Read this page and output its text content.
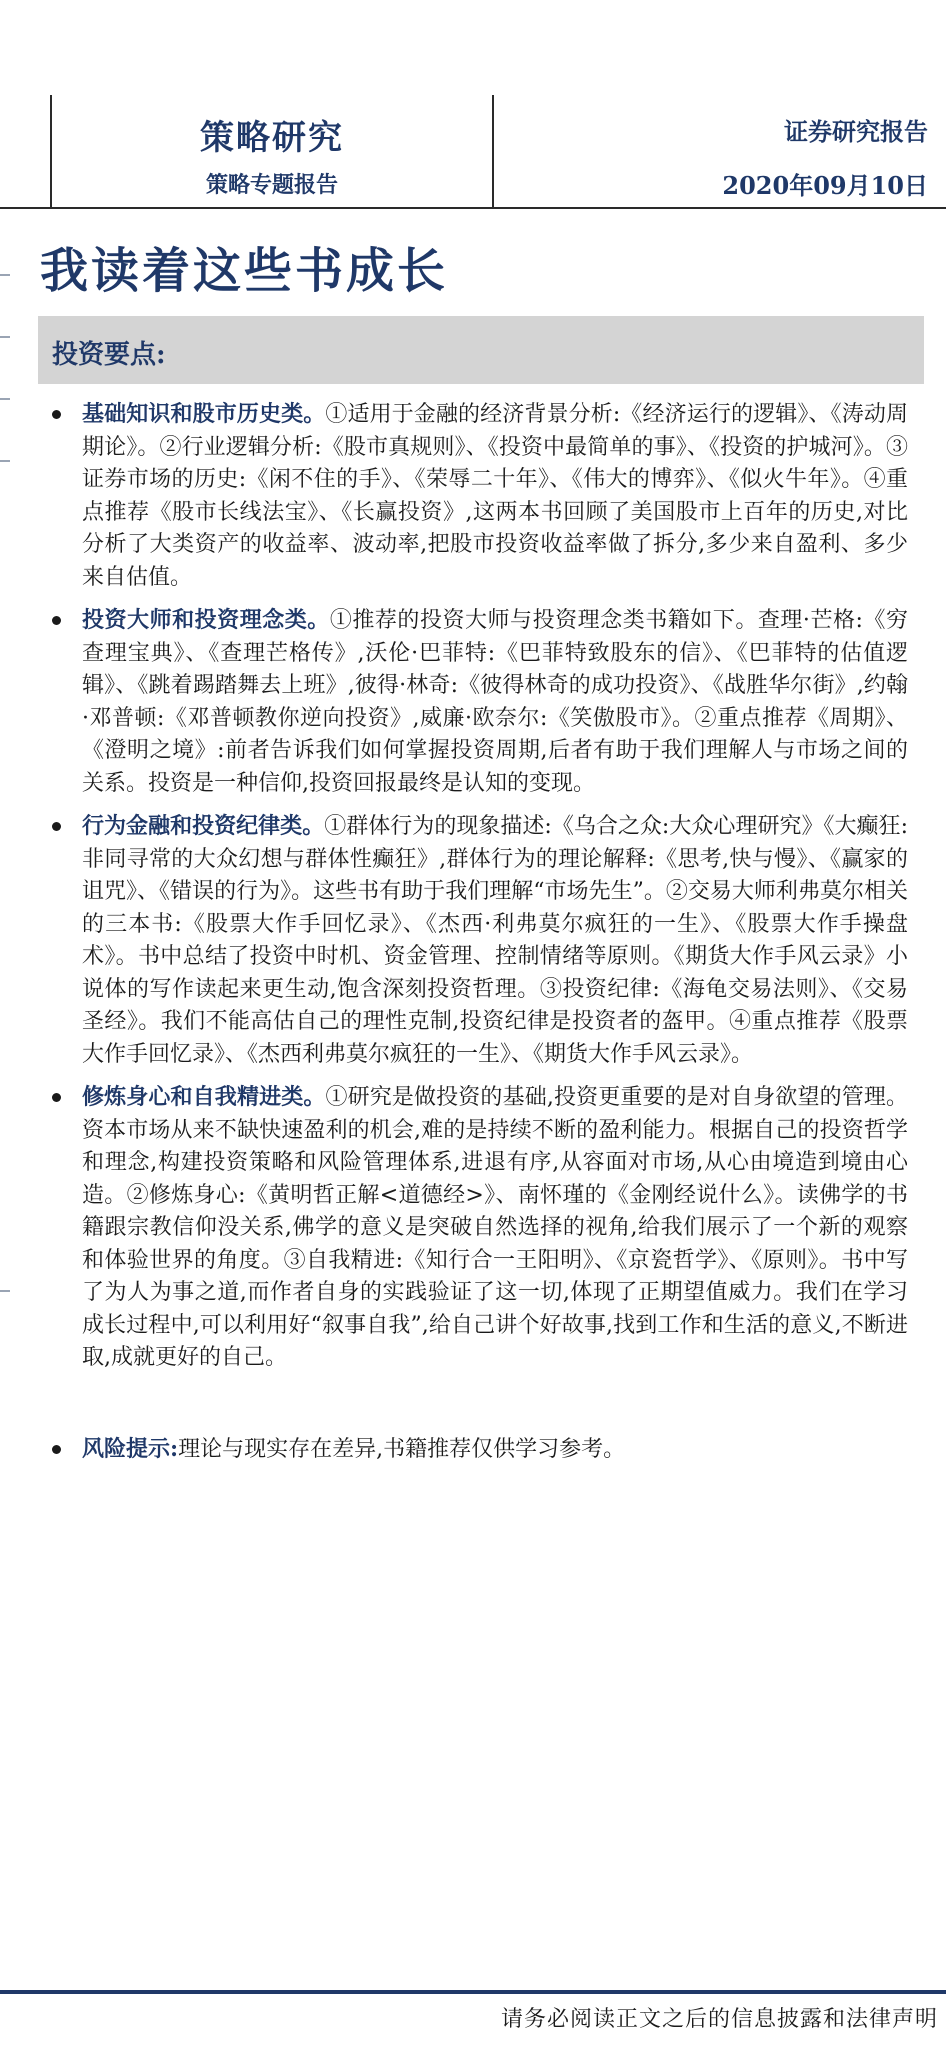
策略研究
策略专题报告
证券研究报告
2020年09月10日
我读着这些书成长
投资要点:
基础知识和股市历史类。①适用于金融的经济背景分析:《经济运行的逻辑》、《涛动周期论》。②行业逻辑分析:《股市真规则》、《投资中最简单的事》、《投资的护城河》。③证券市场的历史:《闲不住的手》、《荣辱二十年》、《伟大的博弈》、《似火牛年》。④重点推荐《股市长线法宝》、《长赢投资》,这两本书回顾了美国股市上百年的历史,对比分析了大类资产的收益率、波动率,把股市投资收益率做了拆分,多少来自盈利、多少来自估值。
投资大师和投资理念类。①推荐的投资大师与投资理念类书籍如下。查理·芒格:《穷查理宝典》、《查理芒格传》,沃伦·巴菲特:《巴菲特致股东的信》、《巴菲特的估值逻辑》、《跳着踢踏舞去上班》,彼得·林奇:《彼得林奇的成功投资》、《战胜华尔街》,约翰·邓普顿:《邓普顿教你逆向投资》,威廉·欧奈尔:《笑傲股市》。②重点推荐《周期》、《澄明之境》:前者告诉我们如何掌握投资周期,后者有助于我们理解人与市场之间的关系。投资是一种信仰,投资回报最终是认知的变现。
行为金融和投资纪律类。①群体行为的现象描述:《乌合之众:大众心理研究》《大癫狂:非同寻常的大众幻想与群体性癫狂》,群体行为的理论解释:《思考,快与慢》、《赢家的诅咒》、《错误的行为》。这些书有助于我们理解“市场先生”。②交易大师利弗莫尔相关的三本书:《股票大作手回忆录》、《杰西·利弗莫尔疯狂的一生》、《股票大作手操盘术》。书中总结了投资中时机、资金管理、控制情绪等原则。《期货大作手风云录》小说体的写作读起来更生动,饱含深刻投资哲理。③投资纪律:《海龟交易法则》、《交易圣经》。我们不能高估自己的理性克制,投资纪律是投资者的盔甲。④重点推荐《股票大作手回忆录》、《杰西利弗莫尔疯狂的一生》、《期货大作手风云录》。
修炼身心和自我精进类。①研究是做投资的基础,投资更重要的是对自身欲望的管理。资本市场从来不缺快速盈利的机会,难的是持续不断的盈利能力。根据自己的投资哲学和理念,构建投资策略和风险管理体系,进退有序,从容面对市场,从心由境造到境由心造。②修炼身心:《黄明哲正解<道德经>》、南怀瑾的《金刚经说什么》。读佛学的书籍跟宗教信仰没关系,佛学的意义是突破自然选择的视角,给我们展示了一个新的观察和体验世界的角度。③自我精进:《知行合一王阳明》、《京瓷哲学》、《原则》。书中写了为人为事之道,而作者自身的实践验证了这一切,体现了正期望值威力。我们在学习成长过程中,可以利用好“叙事自我”,给自己讲个好故事,找到工作和生活的意义,不断进取,成就更好的自己。
风险提示:理论与现实存在差异,书籍推荐仅供学习参考。
请务必阅读正文之后的信息披露和法律声明
